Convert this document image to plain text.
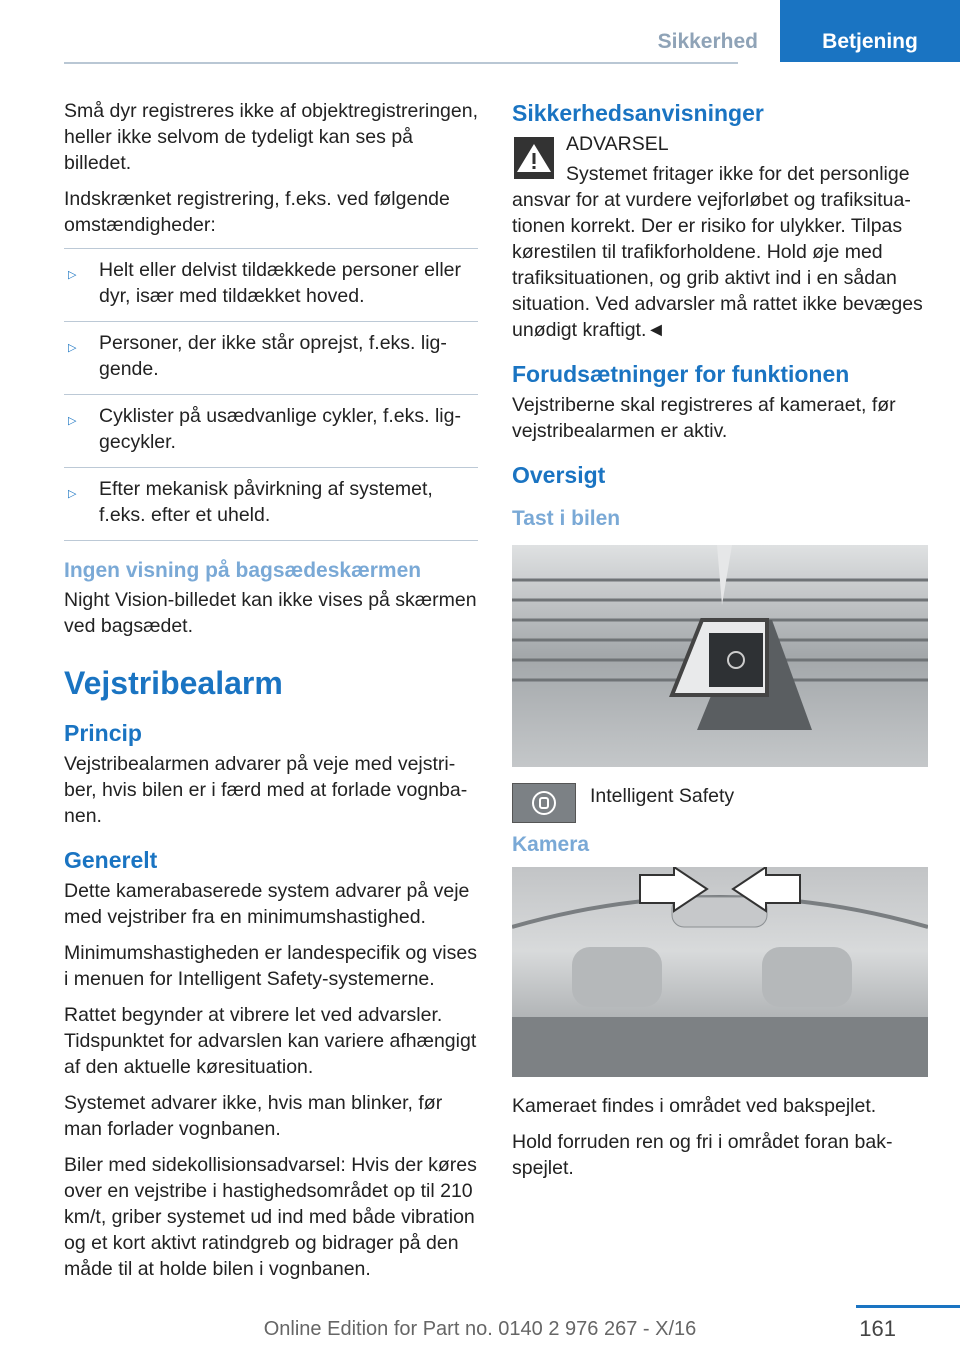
Sikkerhed	Betjening

Små dyr registreres ikke af objektregistreringen, heller ikke selvom de tydeligt kan ses på billedet.

Indskrænket registrering, f.eks. ved følgende omstændigheder:

▷ Helt eller delvist tildækkede personer eller dyr, især med tildækket hoved.
▷ Personer, der ikke står oprejst, f.eks. liggende.
▷ Cyklister på usædvanlige cykler, f.eks. liggecykler.
▷ Efter mekanisk påvirkning af systemet, f.eks. efter et uheld.
Ingen visning på bagsædeskærmen

Night Vision-billedet kan ikke vises på skærmen ved bagsædet.

Vejstribealarm
Princip

Vejstribealarmen advarer på veje med vejstriber, hvis bilen er i færd med at forlade vognbanen.

Generelt

Dette kamerabaserede system advarer på veje med vejstriber fra en minimumshastighed.

Minimumshastigheden er landespecifik og vises i menuen for Intelligent Safety-systemerne.

Rattet begynder at vibrere let ved advarsler. Tidspunktet for advarslen kan variere afhængigt af den aktuelle køresituation.

Systemet advarer ikke, hvis man blinker, før man forlader vognbanen.

Biler med sidekollisionsadvarsel: Hvis der køres over en vejstribe i hastighedsområdet op til 210 km/t, griber systemet ud ind med både vibration og et kort aktivt ratindgreb og bidrager på den måde til at holde bilen i vognbanen.

Sikkerhedsanvisninger

ADVARSEL

Systemet fritager ikke for det personlige ansvar for at vurdere vejforløbet og trafiksituationen korrekt. Der er risiko for ulykker. Tilpas kørestilen til trafikforholdene. Hold øje med trafiksituationen, og grib aktivt ind i en sådan situation. Ved advarsler må rattet ikke bevæges unødigt kraftigt.◄

Forudsætninger for funktionen

Vejstriberne skal registreres af kameraet, før vejstribealarmen er aktiv.

Oversigt
Tast i bilen

Intelligent Safety

Kamera

Kameraet findes i området ved bakspejlet.

Hold forruden ren og fri i området foran bakspejlet.

161
Online Edition for Part no. 0140 2 976 267 - X/16
